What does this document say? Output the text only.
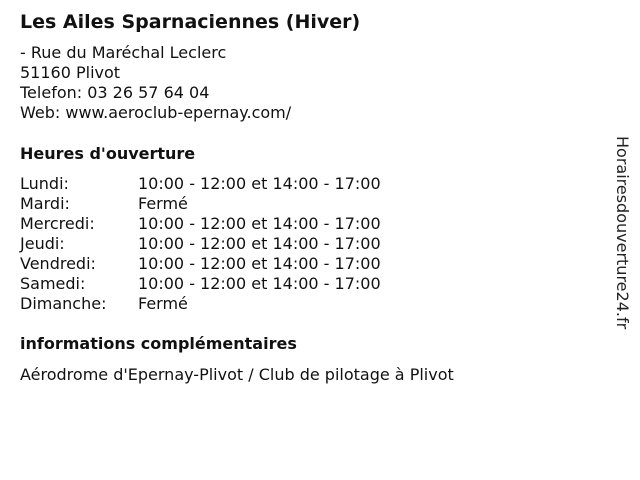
Les Ailes Sparnaciennes (Hiver)
- Rue du Maréchal Leclerc
51160 Plivot
Telefon: 03 26 57 64 04
Web: www.aeroclub-epernay.com/
Heures d'ouverture
Lundi:	10:00 - 12:00 et 14:00 - 17:00
Mardi:	Fermé
Mercredi:	10:00 - 12:00 et 14:00 - 17:00
Jeudi:	10:00 - 12:00 et 14:00 - 17:00
Vendredi:	10:00 - 12:00 et 14:00 - 17:00
Samedi:	10:00 - 12:00 et 14:00 - 17:00
Dimanche:	Fermé
informations complémentaires
Aérodrome d'Epernay-Plivot / Club de pilotage à Plivot
Horairesdouverture24.fr
